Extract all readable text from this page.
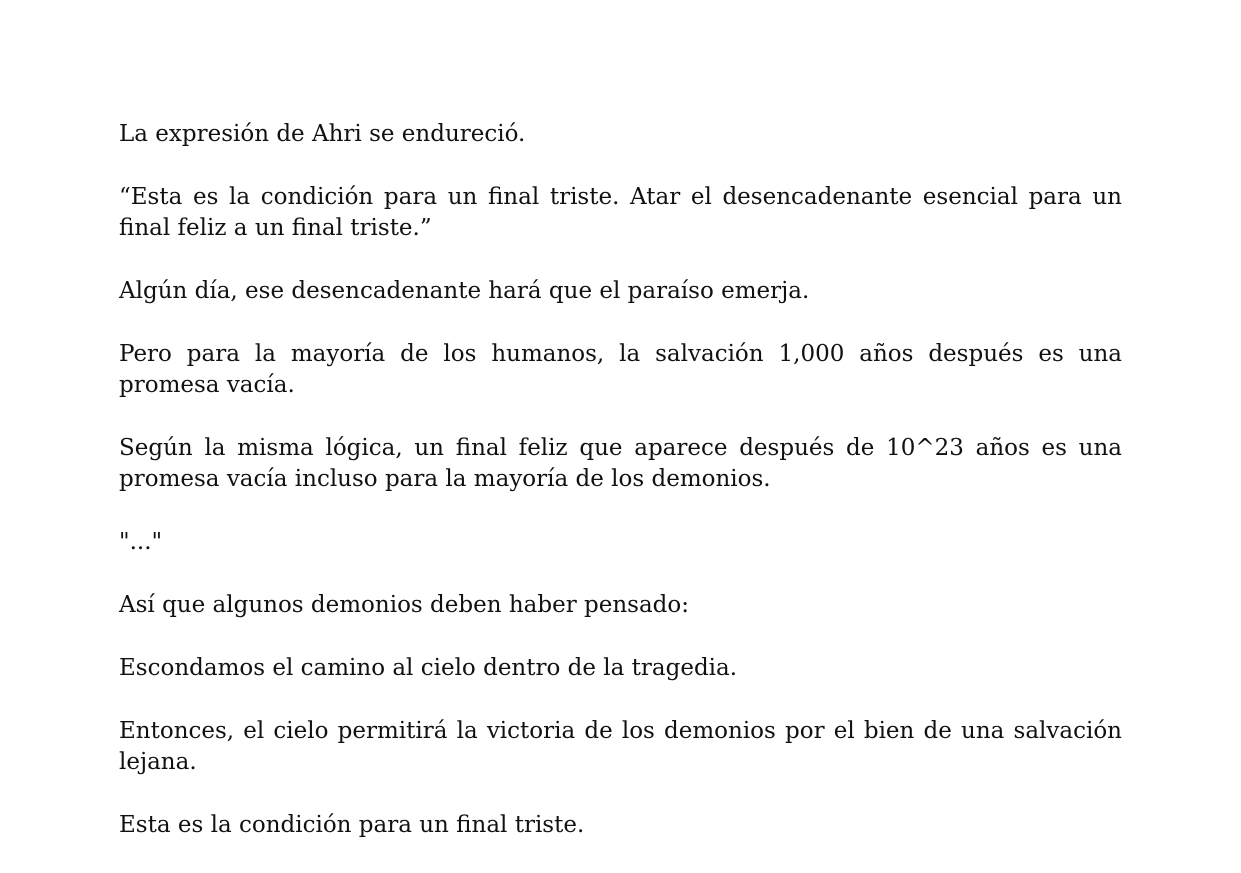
La expresión de Ahri se endureció.

“Esta es la condición para un final triste. Atar el desencadenante esencial para un final feliz a un final triste.”

Algún día, ese desencadenante hará que el paraíso emerja.

Pero para la mayoría de los humanos, la salvación 1,000 años después es una promesa vacía.

Según la misma lógica, un final feliz que aparece después de 10^23 años es una promesa vacía incluso para la mayoría de los demonios.

"..."

Así que algunos demonios deben haber pensado:

Escondamos el camino al cielo dentro de la tragedia.

Entonces, el cielo permitirá la victoria de los demonios por el bien de una salvación lejana.

Esta es la condición para un final triste.
